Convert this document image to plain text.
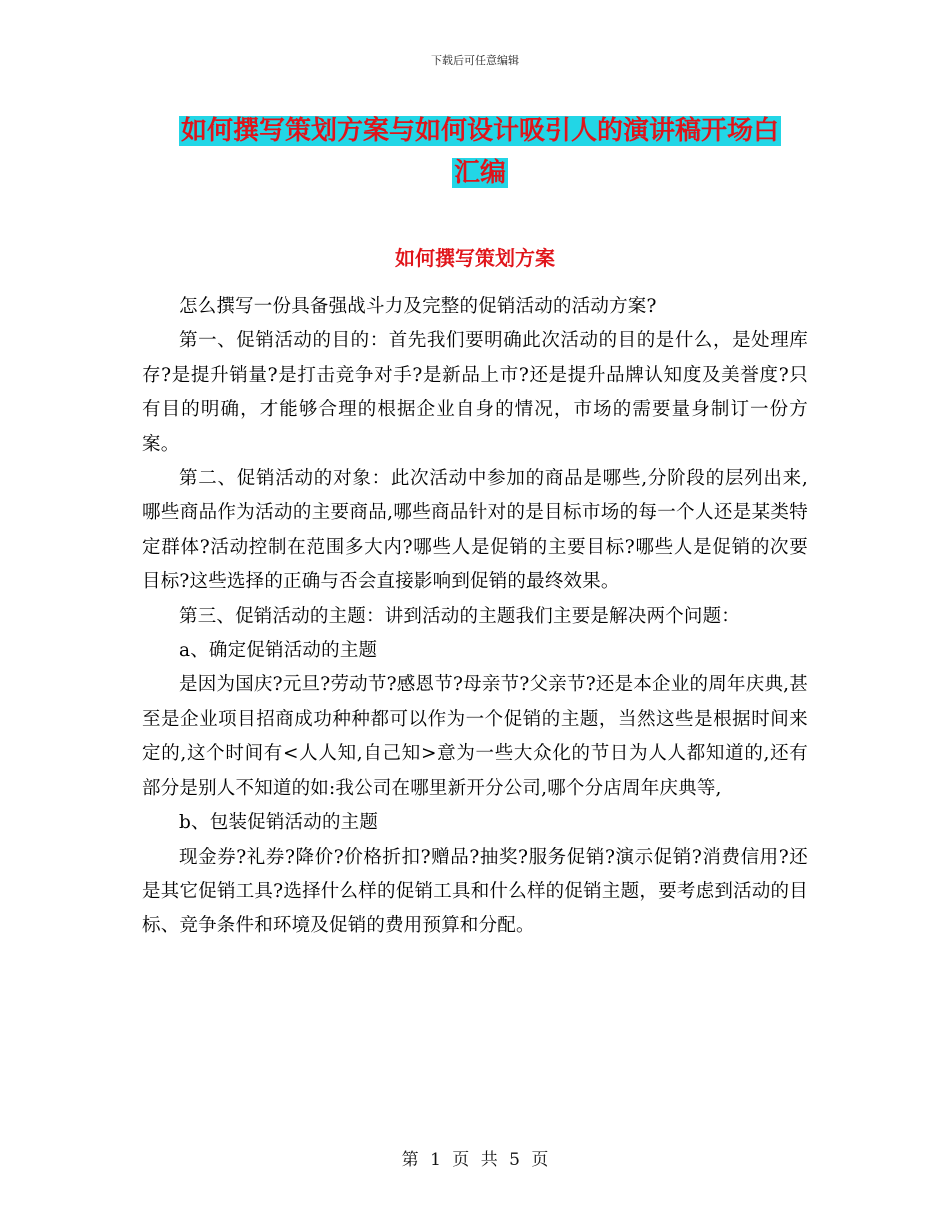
下载后可任意编辑
如何撰写策划方案与如何设计吸引人的演讲稿开场白
汇编
如何撰写策划方案

怎么撰写一份具备强战斗力及完整的促销活动的活动方案?

第一、促销活动的目的：首先我们要明确此次活动的目的是什么，是处理库存?是提升销量?是打击竞争对手?是新品上市?还是提升品牌认知度及美誉度?只有目的明确，才能够合理的根据企业自身的情况，市场的需要量身制订一份方案。

第二、促销活动的对象：此次活动中参加的商品是哪些,分阶段的层列出来,哪些商品作为活动的主要商品,哪些商品针对的是目标市场的每一个人还是某类特定群体?活动控制在范围多大内?哪些人是促销的主要目标?哪些人是促销的次要目标?这些选择的正确与否会直接影响到促销的最终效果。

第三、促销活动的主题：讲到活动的主题我们主要是解决两个问题：

a、确定促销活动的主题

是因为国庆?元旦?劳动节?感恩节?母亲节?父亲节?还是本企业的周年庆典,甚至是企业项目招商成功种种都可以作为一个促销的主题，当然这些是根据时间来定的,这个时间有<人人知,自己知>意为一些大众化的节日为人人都知道的,还有部分是别人不知道的如:我公司在哪里新开分公司,哪个分店周年庆典等,

b、包装促销活动的主题

现金券?礼券?降价?价格折扣?赠品?抽奖?服务促销?演示促销?消费信用?还是其它促销工具?选择什么样的促销工具和什么样的促销主题，要考虑到活动的目标、竞争条件和环境及促销的费用预算和分配。

第 1 页 共 5 页
